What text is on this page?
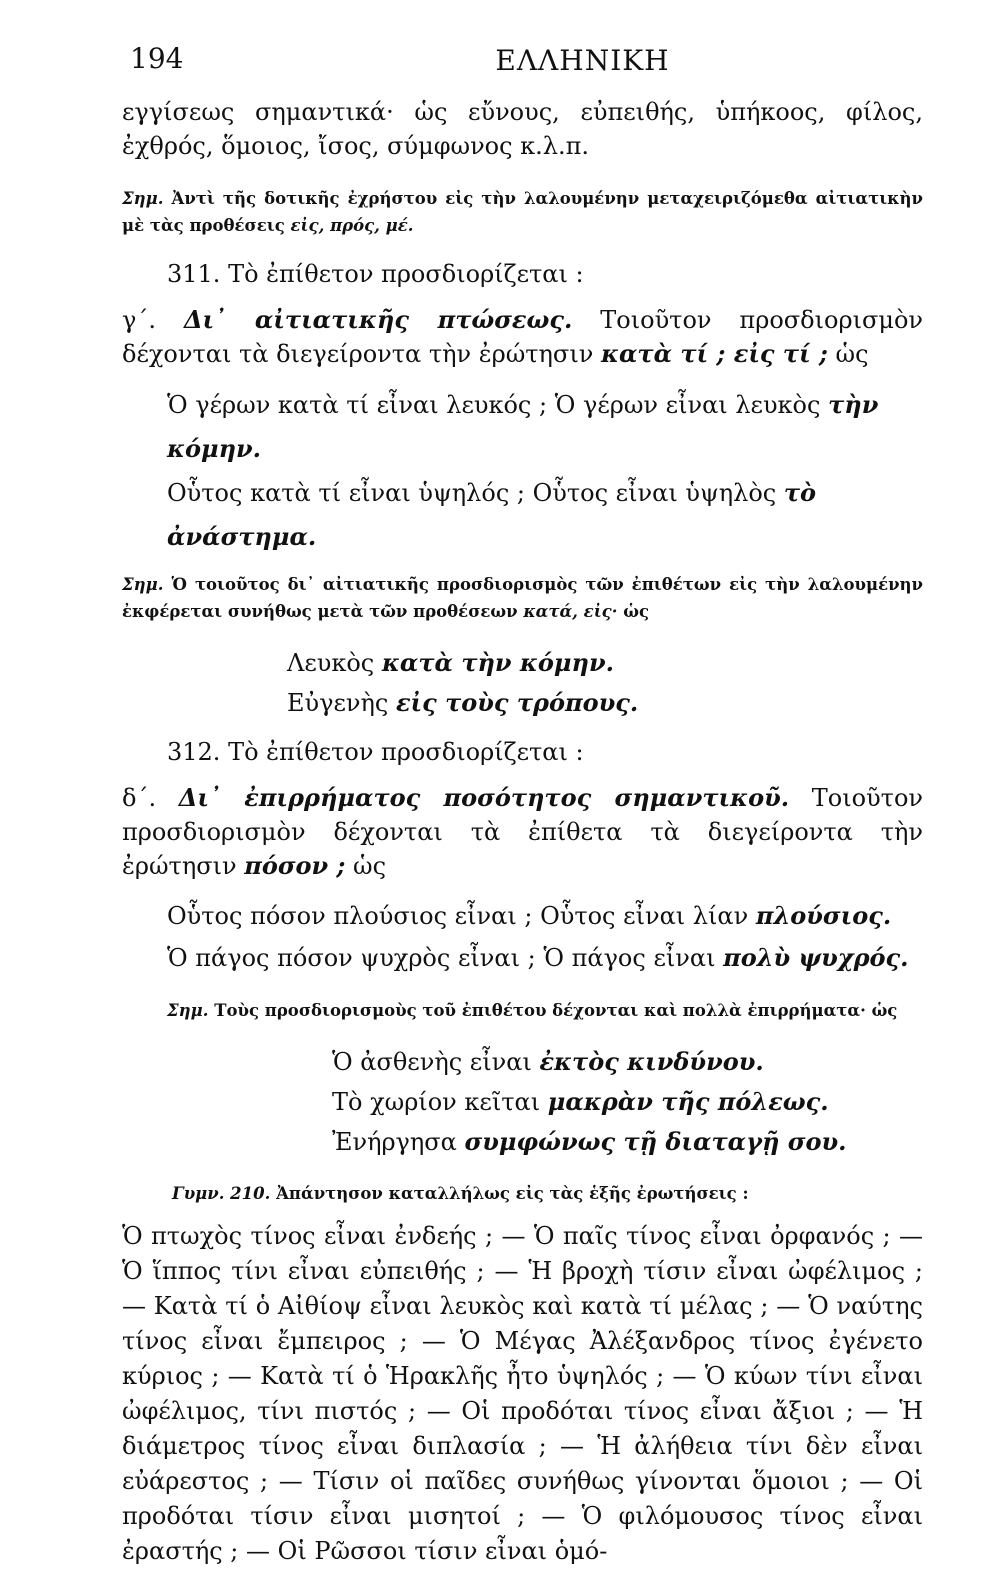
194	ΕΛΛΗΝΙΚΗ

εγγίσεως σημαντικά· ὡς εὔνους, εὐπειθής, ὑπήκοος, φίλος, ἐχθρός, ὅμοιος, ἴσος, σύμφωνος κ.λ.π.

Σημ. Ἀντὶ τῆς δοτικῆς ἐχρήστου εἰς τὴν λαλουμένην μεταχειριζόμεθα αἰτιατικὴν μὲ τὰς προθέσεις εἰς, πρός, μέ.

311. Τὸ ἐπίθετον προσδιορίζεται :

γ΄. Δι᾽ αἰτιατικῆς πτώσεως. Τοιοῦτον προσδιορισμὸν δέχονται τὰ διεγείροντα τὴν ἐρώτησιν κατὰ τί ; εἰς τί ; ὡς

Ὁ γέρων κατὰ τί εἶναι λευκός ; Ὁ γέρων εἶναι λευκὸς τὴν κόμην.

Οὗτος κατὰ τί εἶναι ὑψηλός ; Οὗτος εἶναι ὑψηλὸς τὸ ἀνάστημα.

Σημ. Ὁ τοιοῦτος δι᾽ αἰτιατικῆς προσδιορισμὸς τῶν ἐπιθέτων εἰς τὴν λαλουμένην ἐκφέρεται συνήθως μετὰ τῶν προθέσεων κατά, εἰς· ὡς

Λευκὸς κατὰ τὴν κόμην.

Εὐγενὴς εἰς τοὺς τρόπους.

312. Τὸ ἐπίθετον προσδιορίζεται :

δ΄. Δι᾽ ἐπιρρήματος ποσότητος σημαντικοῦ. Τοιοῦτον προσδιορισμὸν δέχονται τὰ ἐπίθετα τὰ διεγείροντα τὴν ἐρώτησιν πόσον ; ὡς

Οὗτος πόσον πλούσιος εἶναι ; Οὗτος εἶναι λίαν πλούσιος.

Ὁ πάγος πόσον ψυχρὸς εἶναι ; Ὁ πάγος εἶναι πολὺ ψυχρός.

Σημ. Τοὺς προσδιορισμοὺς τοῦ ἐπιθέτου δέχονται καὶ πολλὰ ἐπιρρήματα· ὡς

Ὁ ἀσθενὴς εἶναι ἐκτὸς κινδύνου.

Τὸ χωρίον κεῖται μακρὰν τῆς πόλεως.

Ἐνήργησα συμφώνως τῇ διαταγῇ σου.

Γυμν. 210. Ἀπάντησον καταλλήλως εἰς τὰς ἑξῆς ἐρωτήσεις :

Ὁ πτωχὸς τίνος εἶναι ἐνδεής ; — Ὁ παῖς τίνος εἶναι ὀρφανός ; — Ὁ ἵππος τίνι εἶναι εὐπειθής ; — Ἡ βροχὴ τίσιν εἶναι ὠφέλιμος ; — Κατὰ τί ὁ Αἰθίοψ εἶναι λευκὸς καὶ κατὰ τί μέλας ; — Ὁ ναύτης τίνος εἶναι ἔμπειρος ; — Ὁ Μέγας Ἀλέξανδρος τίνος ἐγένετο κύριος ; — Κατὰ τί ὁ Ἡρακλῆς ἦτο ὑψηλός ; — Ὁ κύων τίνι εἶναι ὠφέλιμος, τίνι πιστός ; — Οἱ προδόται τίνος εἶναι ἄξιοι ; — Ἡ διάμετρος τίνος εἶναι διπλασία ; — Ἡ ἀλήθεια τίνι δὲν εἶναι εὐάρεστος ; — Τίσιν οἱ παῖδες συνήθως γίνονται ὅμοιοι ; — Οἱ προδόται τίσιν εἶναι μισητοί ; — Ὁ φιλόμουσος τίνος εἶναι ἐραστής ; — Οἱ Ρῶσσοι τίσιν εἶναι ὁμό-
